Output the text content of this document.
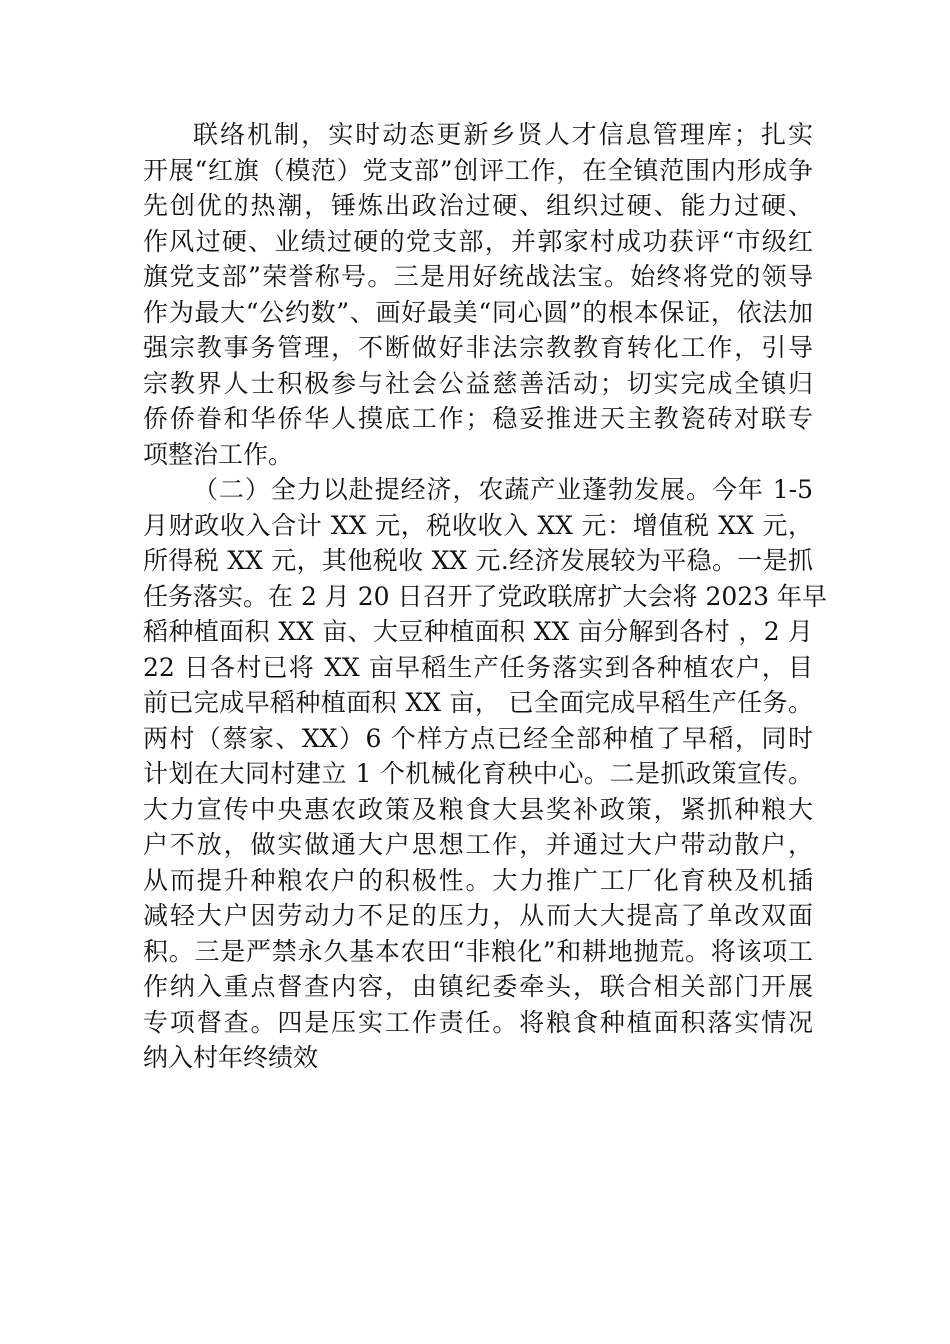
联络机制，实时动态更新乡贤人才信息管理库；扎实
开展“红旗（模范）党支部”创评工作，在全镇范围内形成争
先创优的热潮，锤炼出政治过硬、组织过硬、能力过硬、
作风过硬、业绩过硬的党支部，并郭家村成功获评“市级红
旗党支部”荣誉称号。三是用好统战法宝。始终将党的领导
作为最大“公约数”、画好最美“同心圆”的根本保证，依法加
强宗教事务管理，不断做好非法宗教教育转化工作，引导
宗教界人士积极参与社会公益慈善活动；切实完成全镇归
侨侨眷和华侨华人摸底工作；稳妥推进天主教瓷砖对联专
项整治工作。
（二）全力以赴提经济，农蔬产业蓬勃发展。今年 1-5
月财政收入合计 XX 元，税收收入 XX 元：增值税 XX 元，
所得税 XX 元，其他税收 XX 元.经济发展较为平稳。一是抓
任务落实。在 2 月 20 日召开了党政联席扩大会将 2023 年早
稻种植面积 XX 亩、大豆种植面积 XX 亩分解到各村 ，2 月
22 日各村已将 XX 亩早稻生产任务落实到各种植农户，目
前已完成早稻种植面积 XX 亩， 已全面完成早稻生产任务。
两村（蔡家、XX）6 个样方点已经全部种植了早稻，同时
计划在大同村建立 1 个机械化育秧中心。二是抓政策宣传。
大力宣传中央惠农政策及粮食大县奖补政策，紧抓种粮大
户不放，做实做通大户思想工作，并通过大户带动散户，
从而提升种粮农户的积极性。大力推广工厂化育秧及机插
减轻大户因劳动力不足的压力，从而大大提高了单改双面
积。三是严禁永久基本农田“非粮化”和耕地抛荒。将该项工
作纳入重点督查内容，由镇纪委牵头，联合相关部门开展
专项督查。四是压实工作责任。将粮食种植面积落实情况
纳入村年终绩效
